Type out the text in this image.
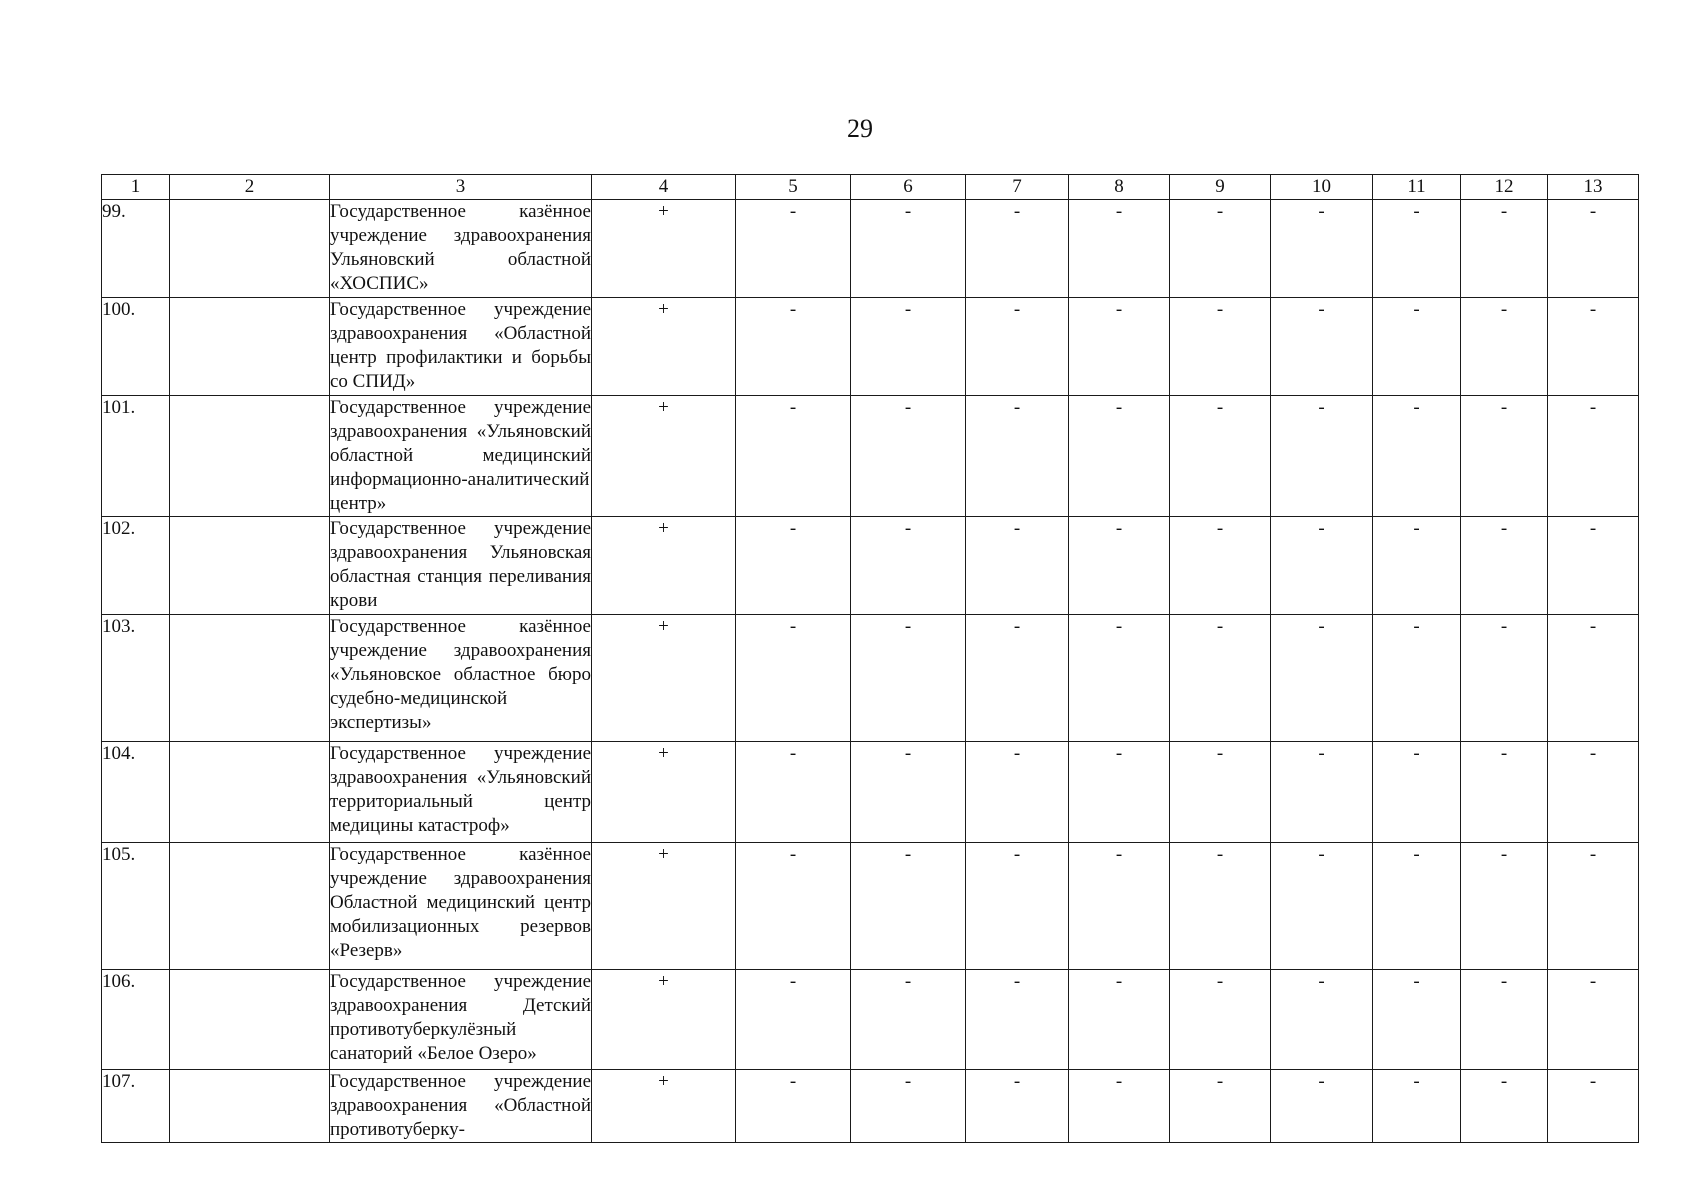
29
1	2	3	4	5	6	7	8	9	10	11	12	13
99.		Государственное казённое учреждение здравоохранения Ульяновский областной «ХОСПИС»	+	-	-	-	-	-	-	-	-	-
100.		Государственное учреждение здравоохранения «Областной центр профилактики и борьбы со СПИД»	+	-	-	-	-	-	-	-	-	-
101.		Государственное учреждение здравоохранения «Ульяновский областной медицинский информационно-аналитический центр»	+	-	-	-	-	-	-	-	-	-
102.		Государственное учреждение здравоохранения Ульяновская областная станция переливания крови	+	-	-	-	-	-	-	-	-	-
103.		Государственное казённое учреждение здравоохранения «Ульяновское областное бюро судебно-медицинской экспертизы»	+	-	-	-	-	-	-	-	-	-
104.		Государственное учреждение здравоохранения «Ульяновский территориальный центр медицины катастроф»	+	-	-	-	-	-	-	-	-	-
105.		Государственное казённое учреждение здравоохранения Областной медицинский центр мобилизационных резервов «Резерв»	+	-	-	-	-	-	-	-	-	-
106.		Государственное учреждение здравоохранения Детский противотуберкулёзный санаторий «Белое Озеро»	+	-	-	-	-	-	-	-	-	-
107.		Государственное учреждение здравоохранения «Областной противотуберку-	+	-	-	-	-	-	-	-	-	-
